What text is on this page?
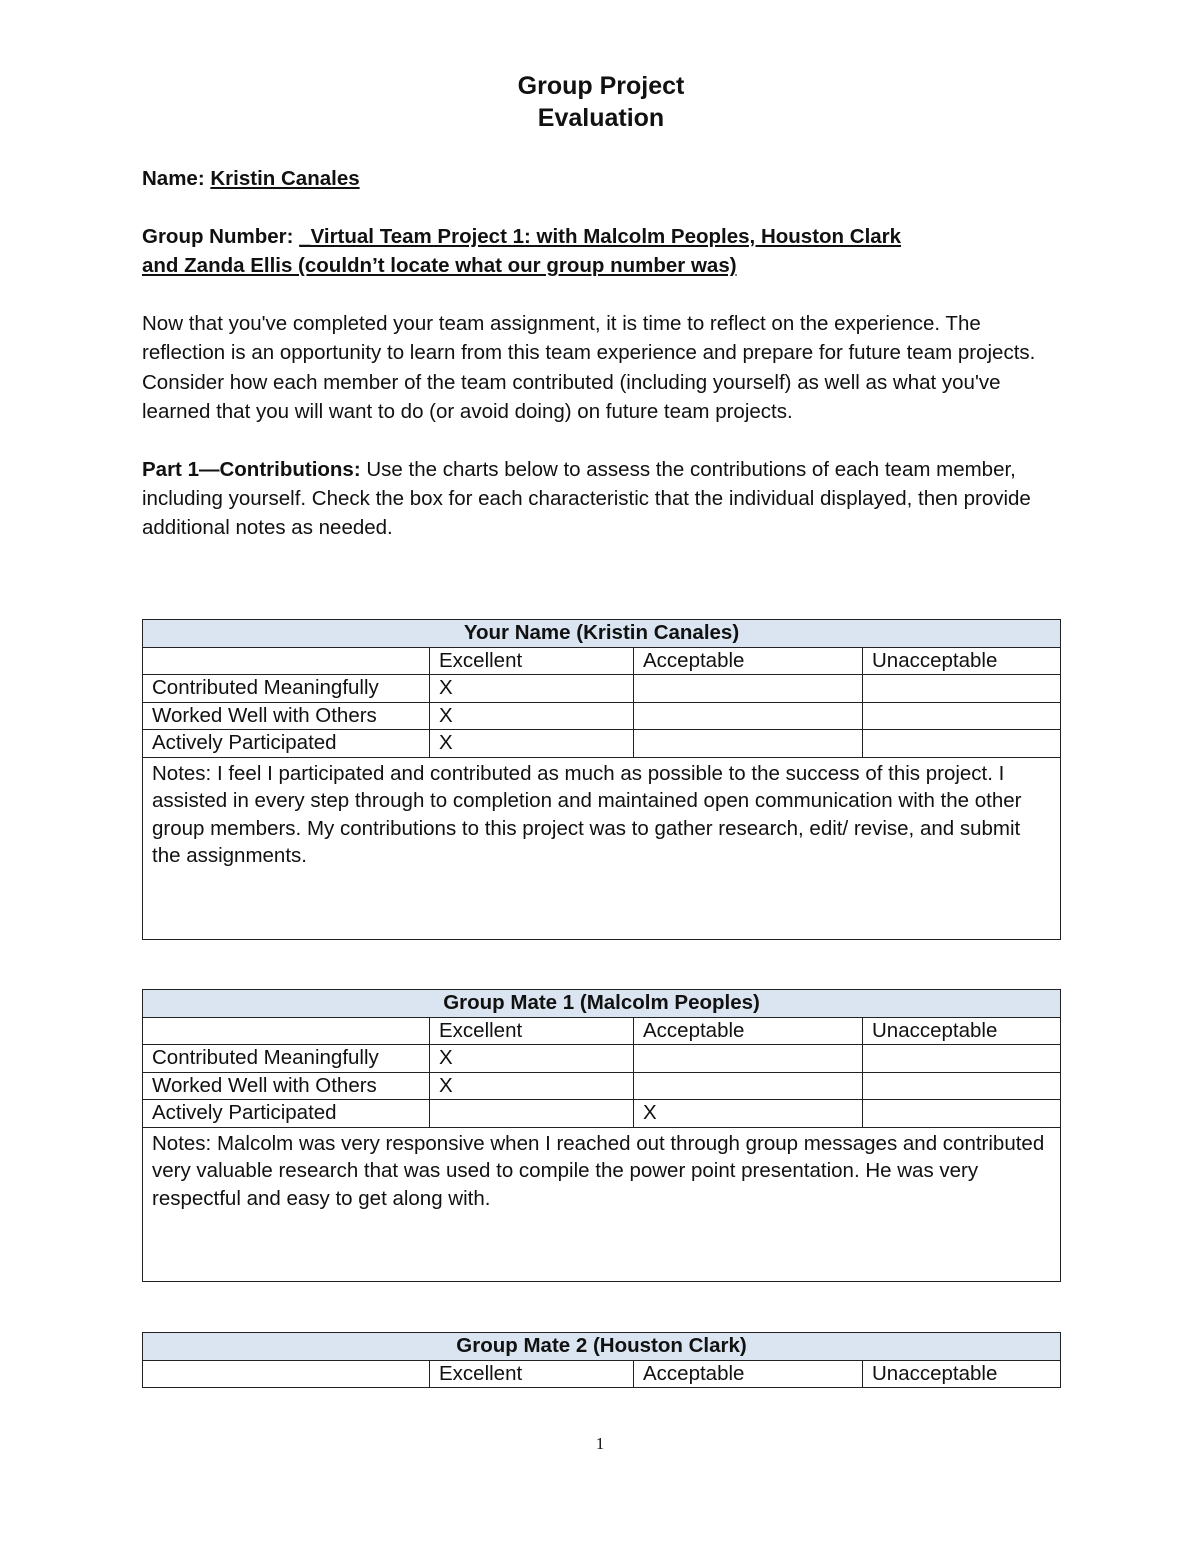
Group Project
Evaluation
Name: Kristin Canales
Group Number: _Virtual Team Project 1: with Malcolm Peoples, Houston Clark
and Zanda Ellis (couldn’t locate what our group number was)

Now that you've completed your team assignment, it is time to reflect on the experience. The reflection is an opportunity to learn from this team experience and prepare for future team projects. Consider how each member of the team contributed (including yourself) as well as what you've learned that you will want to do (or avoid doing) on future team projects.

Part 1—Contributions: Use the charts below to assess the contributions of each team member, including yourself. Check the box for each characteristic that the individual displayed, then provide additional notes as needed.

Your Name (Kristin Canales)			
	Excellent	Acceptable	Unacceptable
Contributed Meaningfully	X		
Worked Well with Others	X		
Actively Participated	X		
Notes: I feel I participated and contributed as much as possible to the success of this project. I assisted in every step through to completion and maintained open communication with the other group members. My contributions to this project was to gather research, edit/ revise, and submit the assignments.			
Group Mate 1 (Malcolm Peoples)			
	Excellent	Acceptable	Unacceptable
Contributed Meaningfully	X		
Worked Well with Others	X		
Actively Participated		X	
Notes: Malcolm was very responsive when I reached out through group messages and contributed very valuable research that was used to compile the power point presentation. He was very respectful and easy to get along with.			
Group Mate 2 (Houston Clark)
	Excellent	Acceptable	Unacceptable
1
